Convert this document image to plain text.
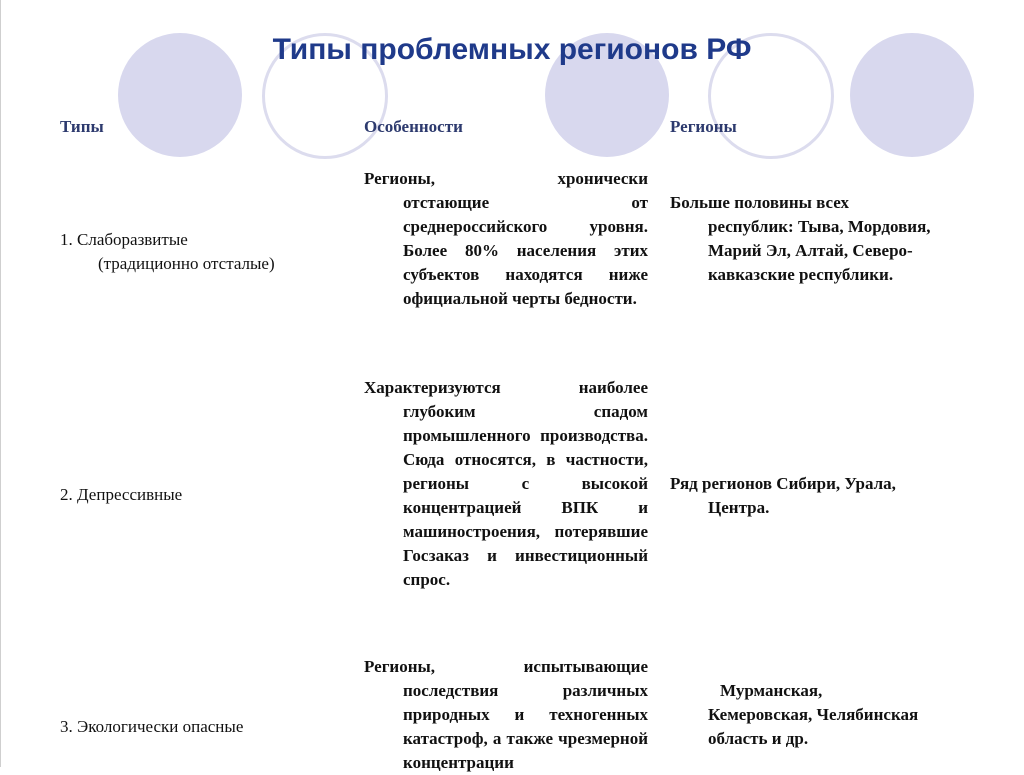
Типы проблемных регионов РФ
Типы	Особенности	Регионы
1. Слаборазвитые
(традиционно отсталые)
Регионы, хронически
отстающие от среднероссийского уровня. Более 80% населения этих субъектов находятся ниже официальной черты бедности.
Больше половины всех
республик: Тыва, Мордовия, Марий Эл, Алтай, Северо-кавказские республики.
2. Депрессивные
Характеризуются наиболее
глубоким спадом промышленного производства. Сюда относятся, в частности, регионы с высокой концентрацией ВПК и машиностроения, потерявшие Госзаказ и инвестиционный спрос.
Ряд регионов Сибири, Урала,
Центра.
3. Экологически опасные
Регионы, испытывающие
последствия различных природных и техногенных катастроф, а также чрезмерной концентрации
Мурманская,
Кемеровская, Челябинская область и др.
